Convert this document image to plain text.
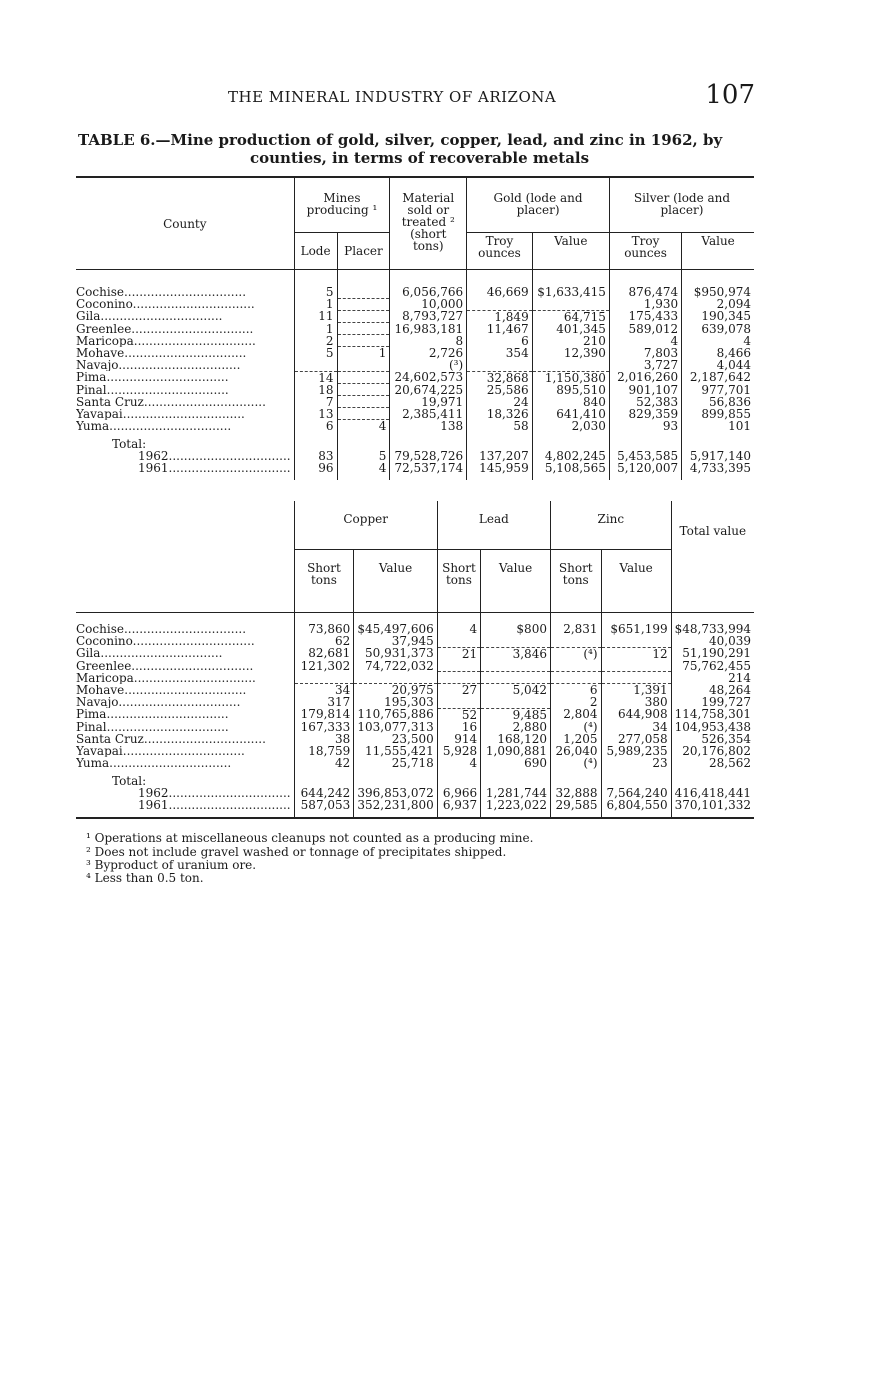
THE MINERAL INDUSTRY OF ARIZONA	107
TABLE 6.—Mine production of gold, silver, copper, lead, and zinc in 1962, by
counties, in terms of recoverable metals
County	Mines producing ¹		Material sold or treated ² (short tons)	Gold (lode and placer)		Silver (lode and placer)	
	Lode	Placer		Troy ounces	Value	Troy ounces	Value

Cochise................................	5		6,056,766	46,669	$1,633,415	876,474	$950,974
Coconino................................	1		10,000			1,930	2,094
Gila................................	11		8,793,727	1,849	64,715	175,433	190,345
Greenlee................................	1		16,983,181	11,467	401,345	589,012	639,078
Maricopa................................	2		8	6	210	4	4
Mohave................................	5	1	2,726	354	12,390	7,803	8,466
Navajo................................			(³)			3,727	4,044
Pima................................	14		24,602,573	32,868	1,150,380	2,016,260	2,187,642
Pinal................................	18		20,674,225	25,586	895,510	901,107	977,701
Santa Cruz................................	7		19,971	24	840	52,383	56,836
Yavapai................................	13		2,385,411	18,326	641,410	829,359	899,855
Yuma................................	6	4	138	58	2,030	93	101
Total:							
1962................................	83	5	79,528,726	137,207	4,802,245	5,453,585	5,917,140
1961................................	96	4	72,537,174	145,959	5,108,565	5,120,007	4,733,395

	Copper		Lead		Zinc		Total value
	Short tons	Value	Short tons	Value	Short tons	Value	

Cochise................................	73,860	$45,497,606	4	$800	2,831	$651,199	$48,733,994
Coconino................................	62	37,945					40,039
Gila................................	82,681	50,931,373	21	3,846	(⁴)	12	51,190,291
Greenlee................................	121,302	74,722,032					75,762,455
Maricopa................................							214
Mohave................................	34	20,975	27	5,042	6	1,391	48,264
Navajo................................	317	195,303			2	380	199,727
Pima................................	179,814	110,765,886	52	9,485	2,804	644,908	114,758,301
Pinal................................	167,333	103,077,313	16	2,880	(⁴)	34	104,953,438
Santa Cruz................................	38	23,500	914	168,120	1,205	277,058	526,354
Yavapai................................	18,759	11,555,421	5,928	1,090,881	26,040	5,989,235	20,176,802
Yuma................................	42	25,718	4	690	(⁴)	23	28,562
Total:							
1962................................	644,242	396,853,072	6,966	1,281,744	32,888	7,564,240	416,418,441
1961................................	587,053	352,231,800	6,937	1,223,022	29,585	6,804,550	370,101,332

¹ Operations at miscellaneous cleanups not counted as a producing mine.
² Does not include gravel washed or tonnage of precipitates shipped.
³ Byproduct of uranium ore.
⁴ Less than 0.5 ton.
